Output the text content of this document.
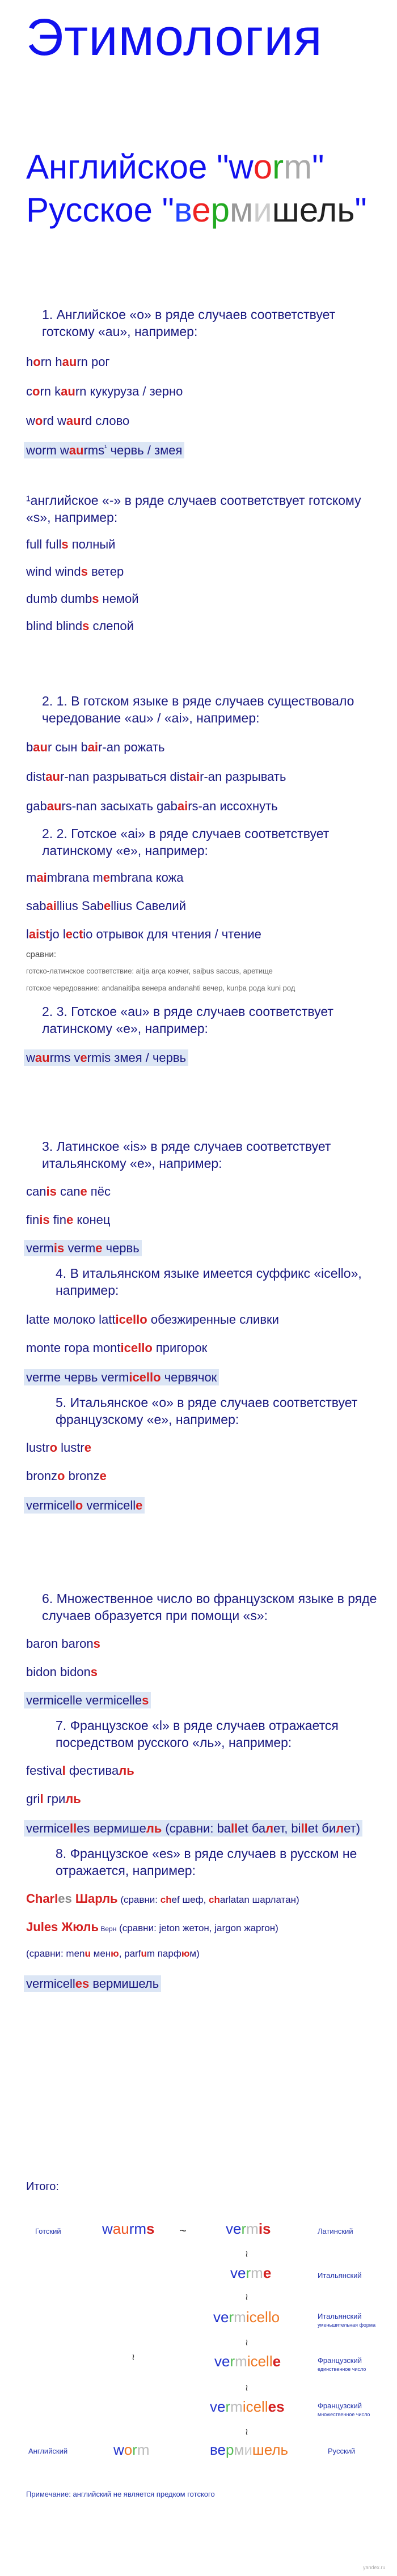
Этимология
Английское "worm"
Русское "вермишель"
1. Английское «o» в ряде случаев соответствует готскому «au», например:
horn haurn рог
corn kaurn кукуруза / зерно
word waurd слово
worm waurms$^{^1}$ червь / змея
¹английское «-» в ряде случаев соответствует готскому «s», например:
full fulls полный
wind winds ветер
dumb dumbs немой
blind blinds слепой
2. 1. В готском языке в ряде случаев существовало чередование «au» / «ai», например:
baur сын bair-an рожать
distaur-nan разрываться distair-an разрывать
gabaurs-nan засыхать gabairs-an иссохнуть
2. 2. Готское «ai» в ряде случаев соответствует латинскому «e», например:
maimbrana membrana кожа
sabaillius Sabellius Савелий
laistjo lectio отрывок для чтения / чтение
сравни:
готско-латинское соответствие: aitja arça ковчег, saiþus saccus, аретище
готское чередование: andanaitiþa венера andanahti вечер, kunþa рода kuni род
2. 3. Готское «au» в ряде случаев соответствует латинскому «e», например:
waurms vermis змея / червь
3. Латинское «is» в ряде случаев соответствует итальянскому «e», например:
canis cane пёс
finis fine конец
vermis verme червь
4. В итальянском языке имеется суффикс «icello», например:
latte молоко latticello обезжиренные сливки
monte гора monticello пригорок
verme червь vermicello червячок
5. Итальянское «o» в ряде случаев соответствует французскому «e», например:
lustro lustre
bronzo bronze
vermicello vermicelle
6. Множественное число во французском языке в ряде случаев образуется при помощи «s»:
baron barons
bidon bidons
vermicelle vermicelles
7. Французское «l» в ряде случаев отражается посредством русского «ль», например:
festival фестиваль
gril гриль
vermicelles вермишель (сравни: ballet балет, billet билет)
8. Французское «es» в ряде случаев в русском не отражается, например:
Charles Шарль (сравни: chef шеф, charlatan шарлатан)
Jules Жюль Верн (сравни: jeton жетон, jargon жаргон)
(сравни: menu меню, parfum парфюм)
vermicelles вермишель
Итого:
Готский	waurms ~	vermis	Латинский
≀
verme	Итальянский
≀
vermicello	Итальянский
уменьшительная форма
≀
vermicelle	Французский
единственное число
≀
vermicelles	Французский
множественное число
≀
≀
Английский	worm	вермишель	Русский
Примечание: английский не является предком готского
yandex.ru
